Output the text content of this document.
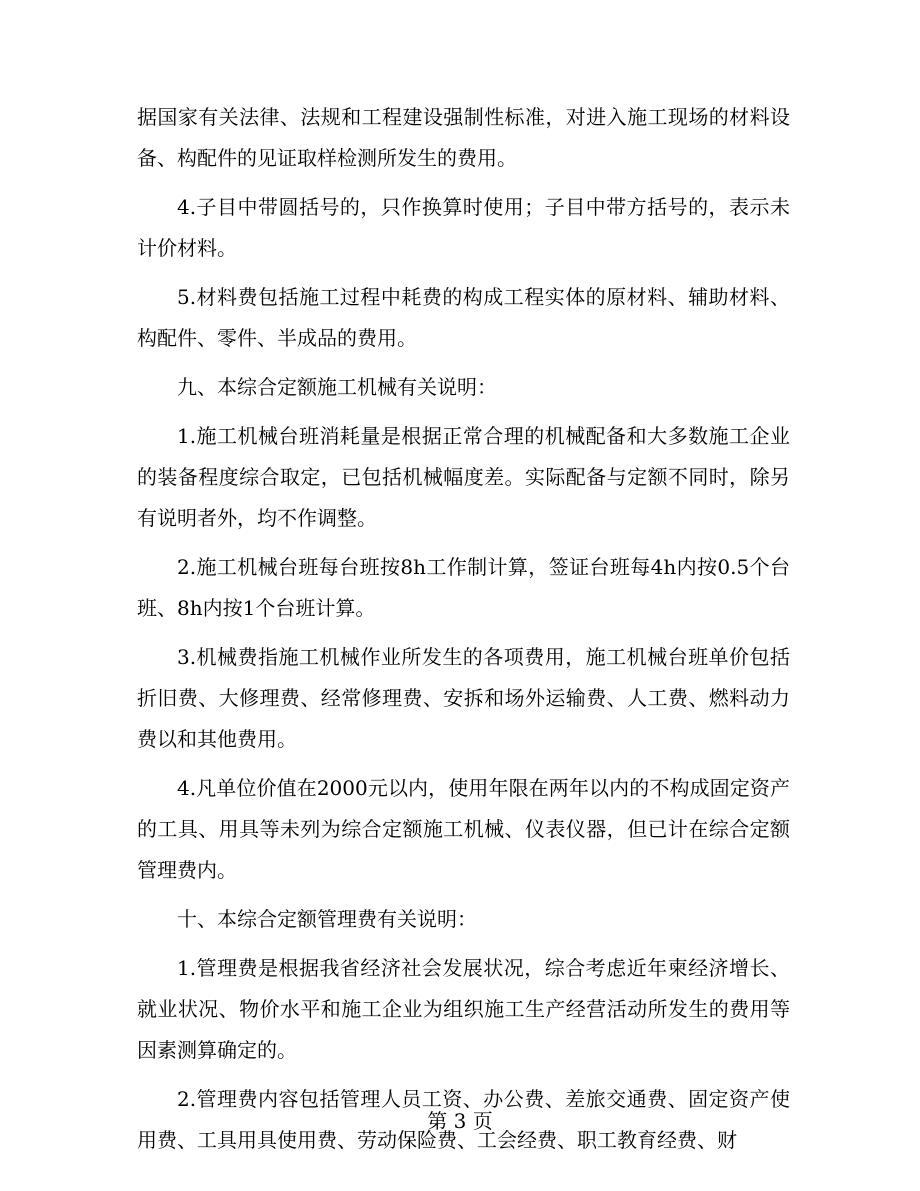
据国家有关法律、法规和工程建设强制性标准，对进入施工现场的材料设备、构配件的见证取样检测所发生的费用。

4.子目中带圆括号的，只作换算时使用；子目中带方括号的，表示未计价材料。

5.材料费包括施工过程中耗费的构成工程实体的原材料、辅助材料、构配件、零件、半成品的费用。

九、本综合定额施工机械有关说明：

1.施工机械台班消耗量是根据正常合理的机械配备和大多数施工企业的装备程度综合取定，已包括机械幅度差。实际配备与定额不同时，除另有说明者外，均不作调整。

2.施工机械台班每台班按8h工作制计算，签证台班每4h内按0.5个台班、8h内按1个台班计算。

3.机械费指施工机械作业所发生的各项费用，施工机械台班单价包括折旧费、大修理费、经常修理费、安拆和场外运输费、人工费、燃料动力费以和其他费用。

4.凡单位价值在2000元以内，使用年限在两年以内的不构成固定资产的工具、用具等未列为综合定额施工机械、仪表仪器，但已计在综合定额管理费内。

十、本综合定额管理费有关说明：

1.管理费是根据我省经济社会发展状况，综合考虑近年柬经济增长、就业状况、物价水平和施工企业为组织施工生产经营活动所发生的费用等因素测算确定的。

2.管理费内容包括管理人员工资、办公费、差旅交通费、固定资产使用费、工具用具使用费、劳动保险费、工会经费、职工教育经费、财

第 3 页
